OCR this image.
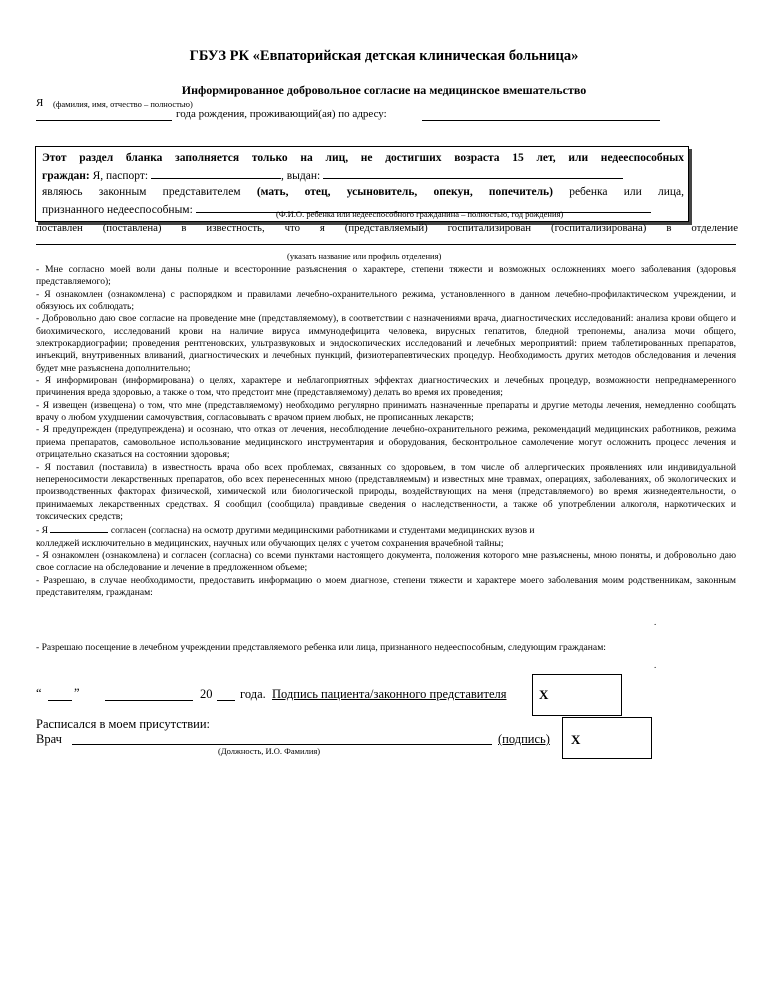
ГБУЗ РК «Евпаторийская детская клиническая больница»
Информированное добровольное согласие на медицинское вмешательство
Я (фамилия, имя, отчество – полностью)
года рождения, проживающий(ая) по адресу:
Этот раздел бланка заполняется только на лиц, не достигших возраста 15 лет, или недееспособных
граждан: Я, паспорт:	, выдан:
являюсь законным представителем (мать, отец, усыновитель, опекун, попечитель) ребенка или лица,
признанного недееспособным:	(Ф.И.О. ребенка или недееспособного гражданина – полностью, год рождения)
поставлен (поставлена) в известность, что я (представляемый) госпитализирован (госпитализирована) в отделение
(указать название или профиль отделения)

- Мне согласно моей воли даны полные и всесторонние разъяснения о характере, степени тяжести и возможных осложнениях моего заболевания (здоровья представляемого);

- Я ознакомлен (ознакомлена) с распорядком и правилами лечебно-охранительного режима, установленного в данном лечебно-профилактическом учреждении, и обязуюсь их соблюдать;

- Добровольно даю свое согласие на проведение мне (представляемому), в соответствии с назначениями врача, диагностических исследований: анализа крови общего и биохимического, исследований крови на наличие вируса иммунодефицита человека, вирусных гепатитов, бледной трепонемы, анализа мочи общего, электрокардиографии; проведения рентгеновских, ультразвуковых и эндоскопических исследований и лечебных мероприятий: прием таблетированных препаратов, инъекций, внутривенных вливаний, диагностических и лечебных пункций, физиотерапевтических процедур. Необходимость других методов обследования и лечения будет мне разъяснена дополнительно;

- Я информирован (информирована) о целях, характере и неблагоприятных эффектах диагностических и лечебных процедур, возможности непреднамеренного причинения вреда здоровью, а также о том, что предстоит мне (представляемому) делать во время их проведения;

- Я извещен (извещена) о том, что мне (представляемому) необходимо регулярно принимать назначенные препараты и другие методы лечения, немедленно сообщать врачу о любом ухудшении самочувствия, согласовывать с врачом прием любых, не прописанных лекарств;

- Я предупрежден (предупреждена) и осознаю, что отказ от лечения, несоблюдение лечебно-охранительного режима, рекомендаций медицинских работников, режима приема препаратов, самовольное использование медицинского инструментария и оборудования, бесконтрольное самолечение могут осложнить процесс лечения и отрицательно сказаться на состоянии здоровья;

- Я поставил (поставила) в известность врача обо всех проблемах, связанных со здоровьем, в том числе об аллергических проявлениях или индивидуальной непереносимости лекарственных препаратов, обо всех перенесенных мною (представляемым) и известных мне травмах, операциях, заболеваниях, об экологических и производственных факторах физической, химической или биологической природы, воздействующих на меня (представляемого) во время жизнедеятельности, о принимаемых лекарственных средствах. Я сообщил (сообщила) правдивые сведения о наследственности, а также об употреблении алкоголя, наркотических и токсических средств;

- Я	согласен (согласна) на осмотр другими медицинскими работниками и студентами медицинских вузов и

колледжей исключительно в медицинских, научных или обучающих целях с учетом сохранения врачебной тайны;

- Я ознакомлен (ознакомлена) и согласен (согласна) со всеми пунктами настоящего документа, положения которого мне разъяснены, мною поняты, и добровольно даю свое согласие на обследование и лечение в предложенном объеме;

- Разрешаю, в случае необходимости, предоставить информацию о моем диагнозе, степени тяжести и характере моего заболевания моим родственникам, законным представителям, гражданам:

.
- Разрешаю посещение в лечебном учреждении представляемого ребенка или лица, признанного недееспособным, следующим гражданам:
.
“	”	20 года. Подпись пациента/законного представителя	X
Расписался в моем присутствии:
Врач	(подпись) X
(Должность, И.О. Фамилия)
